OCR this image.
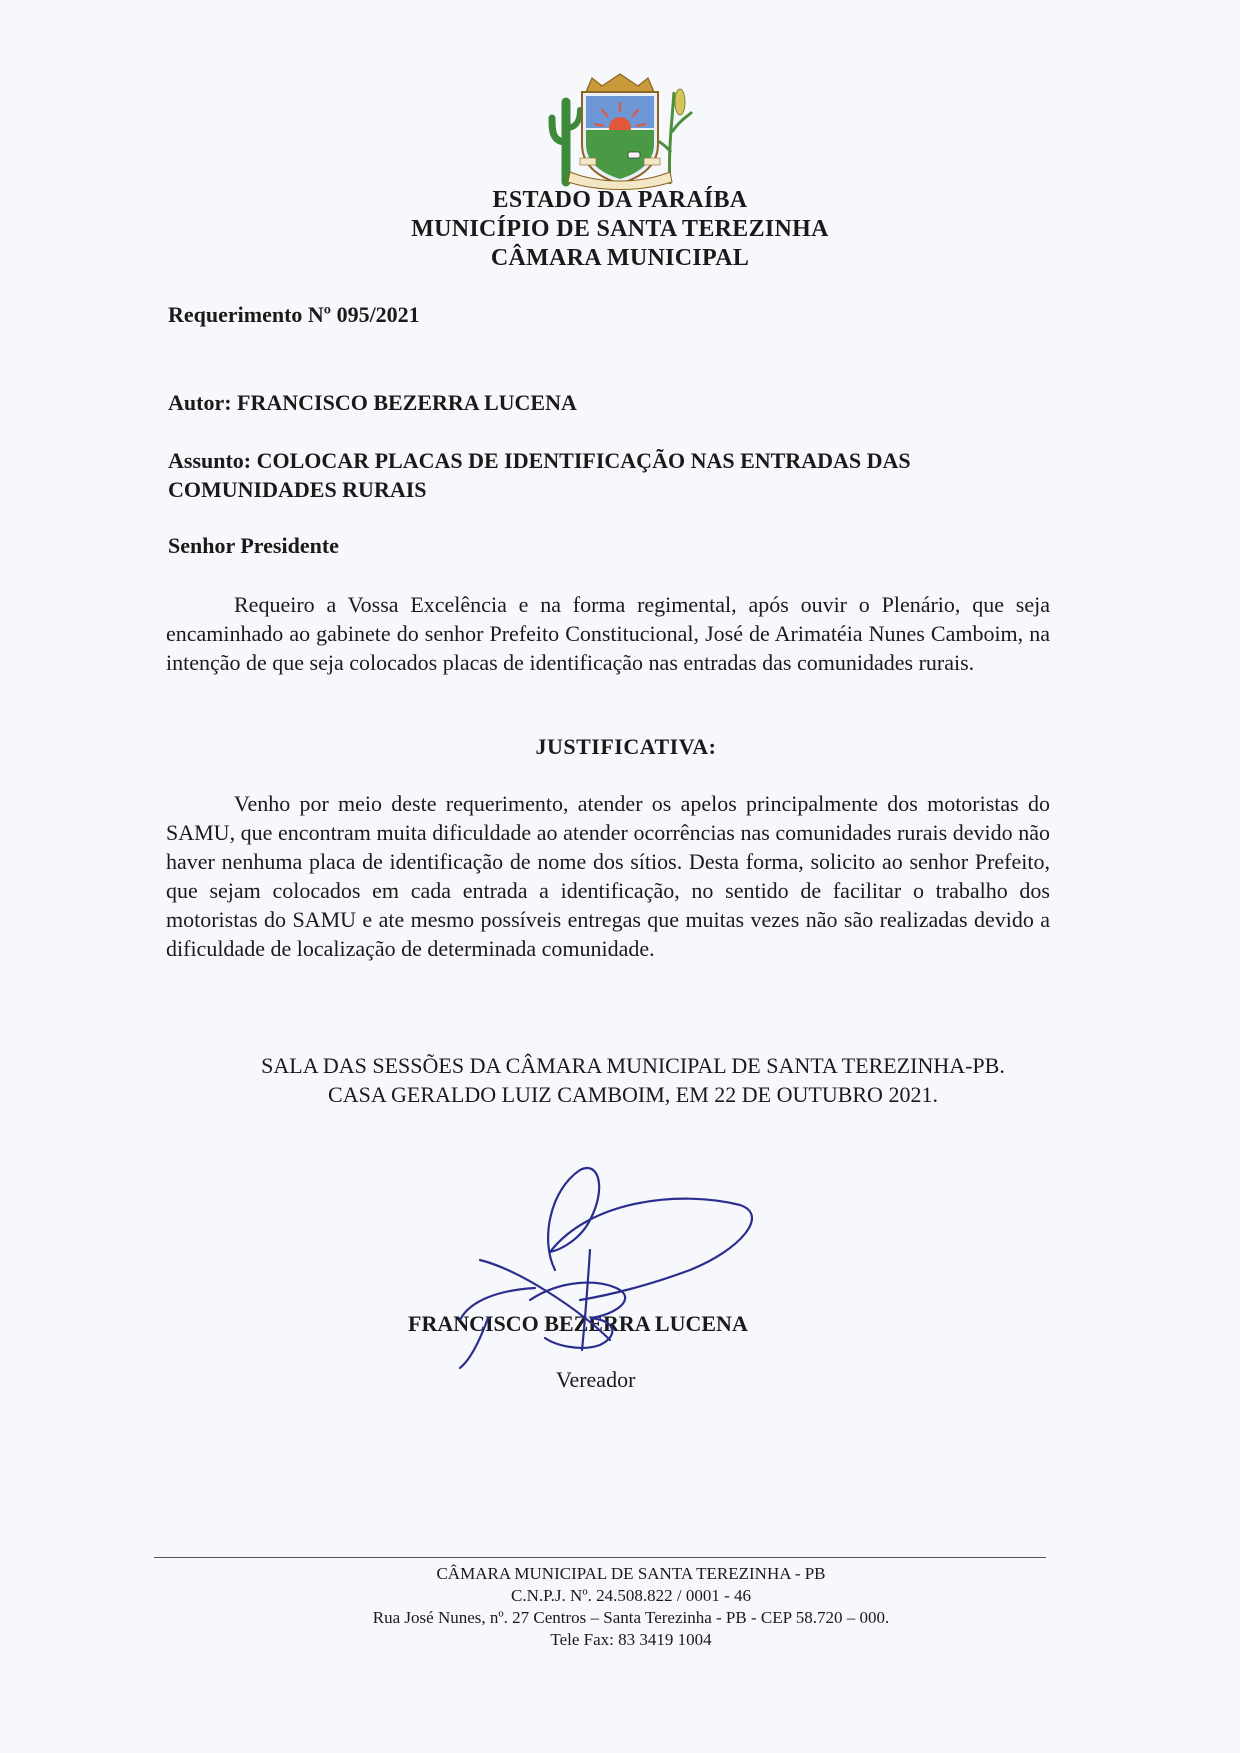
ESTADO DA PARAÍBA
MUNICÍPIO DE SANTA TEREZINHA
CÂMARA MUNICIPAL
Requerimento Nº 095/2021
Autor: FRANCISCO BEZERRA LUCENA
Assunto: COLOCAR PLACAS DE IDENTIFICAÇÃO NAS ENTRADAS DAS COMUNIDADES RURAIS
Senhor Presidente
Requeiro a Vossa Excelência e na forma regimental, após ouvir o Plenário, que seja encaminhado ao gabinete do senhor Prefeito Constitucional, José de Arimatéia Nunes Camboim, na intenção de que seja colocados placas de identificação nas entradas das comunidades rurais.
JUSTIFICATIVA:
Venho por meio deste requerimento, atender os apelos principalmente dos motoristas do SAMU, que encontram muita dificuldade ao atender ocorrências nas comunidades rurais devido não haver nenhuma placa de identificação de nome dos sítios. Desta forma, solicito ao senhor Prefeito, que sejam colocados em cada entrada a identificação, no sentido de facilitar o trabalho dos motoristas do SAMU e ate mesmo possíveis entregas que muitas vezes não são realizadas devido a dificuldade de localização de determinada comunidade.
SALA DAS SESSÕES DA CÂMARA MUNICIPAL DE SANTA TEREZINHA-PB.
CASA GERALDO LUIZ CAMBOIM, EM 22 DE OUTUBRO 2021.
FRANCISCO BEZERRA LUCENA
Vereador
CÂMARA MUNICIPAL DE SANTA TEREZINHA - PB
C.N.P.J. Nº. 24.508.822 / 0001 - 46
Rua José Nunes, nº. 27 Centros – Santa Terezinha - PB - CEP 58.720 – 000.
Tele Fax: 83 3419 1004
